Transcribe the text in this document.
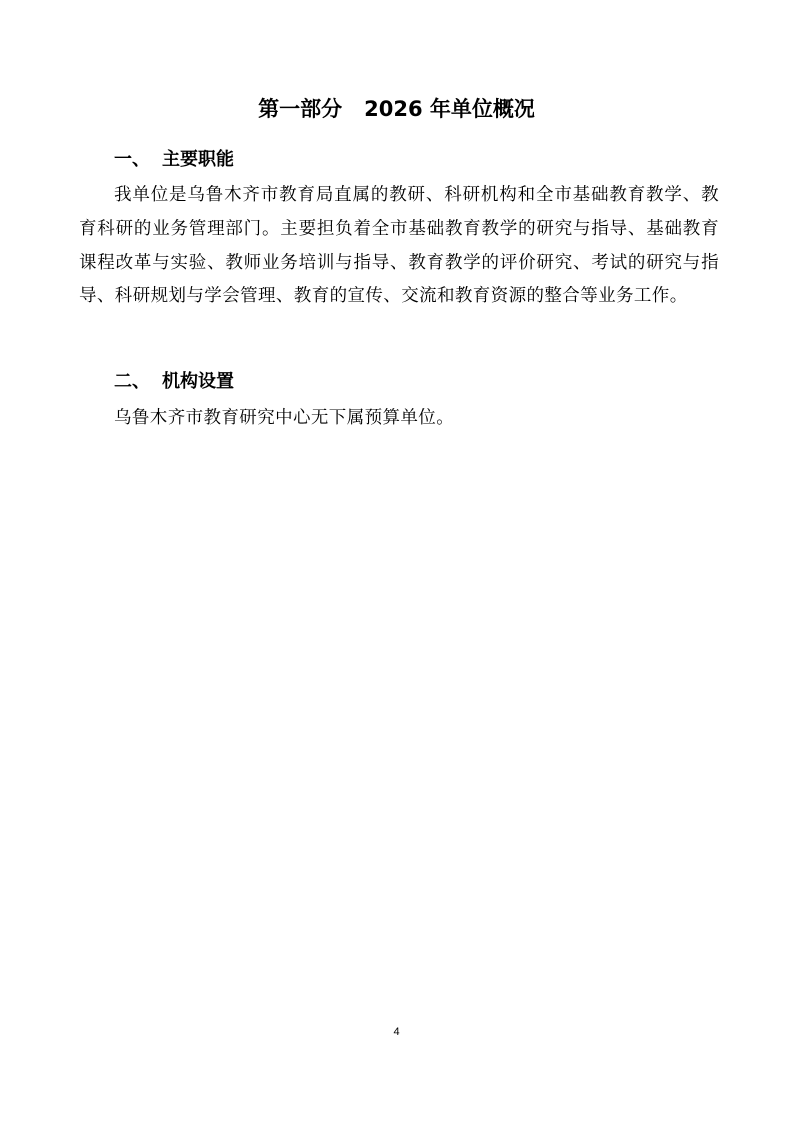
第一部分 2026 年单位概况
一、 主要职能
我单位是乌鲁木齐市教育局直属的教研、科研机构和全市基础教育教学、教育科研的业务管理部门。主要担负着全市基础教育教学的研究与指导、基础教育课程改革与实验、教师业务培训与指导、教育教学的评价研究、考试的研究与指导、科研规划与学会管理、教育的宣传、交流和教育资源的整合等业务工作。
二、 机构设置
乌鲁木齐市教育研究中心无下属预算单位。
4
